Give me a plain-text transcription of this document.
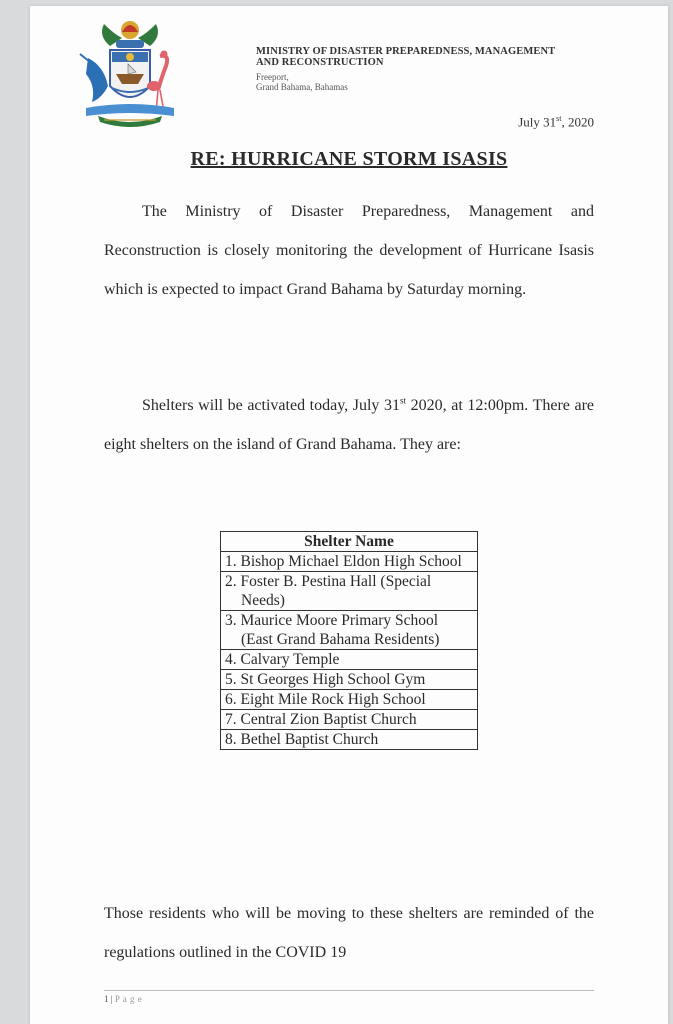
MINISTRY OF DISASTER PREPAREDNESS, MANAGEMENT
AND RECONSTRUCTION
Freeport,
Grand Bahama, Bahamas
July 31st, 2020
RE: HURRICANE STORM ISASIS

The Ministry of Disaster Preparedness, Management and Reconstruction is closely monitoring the development of Hurricane Isasis which is expected to impact Grand Bahama by Saturday morning.

Shelters will be activated today, July 31st 2020, at 12:00pm. There are eight shelters on the island of Grand Bahama. They are:

Shelter Name
1. Bishop Michael Eldon High School
2. Foster B. Pestina Hall (Special Needs)
3. Maurice Moore Primary School (East Grand Bahama Residents)
4. Calvary Temple
5. St Georges High School Gym
6. Eight Mile Rock High School
7. Central Zion Baptist Church
8. Bethel Baptist Church

Those residents who will be moving to these shelters are reminded of the regulations outlined in the COVID 19

1 | P a g e
